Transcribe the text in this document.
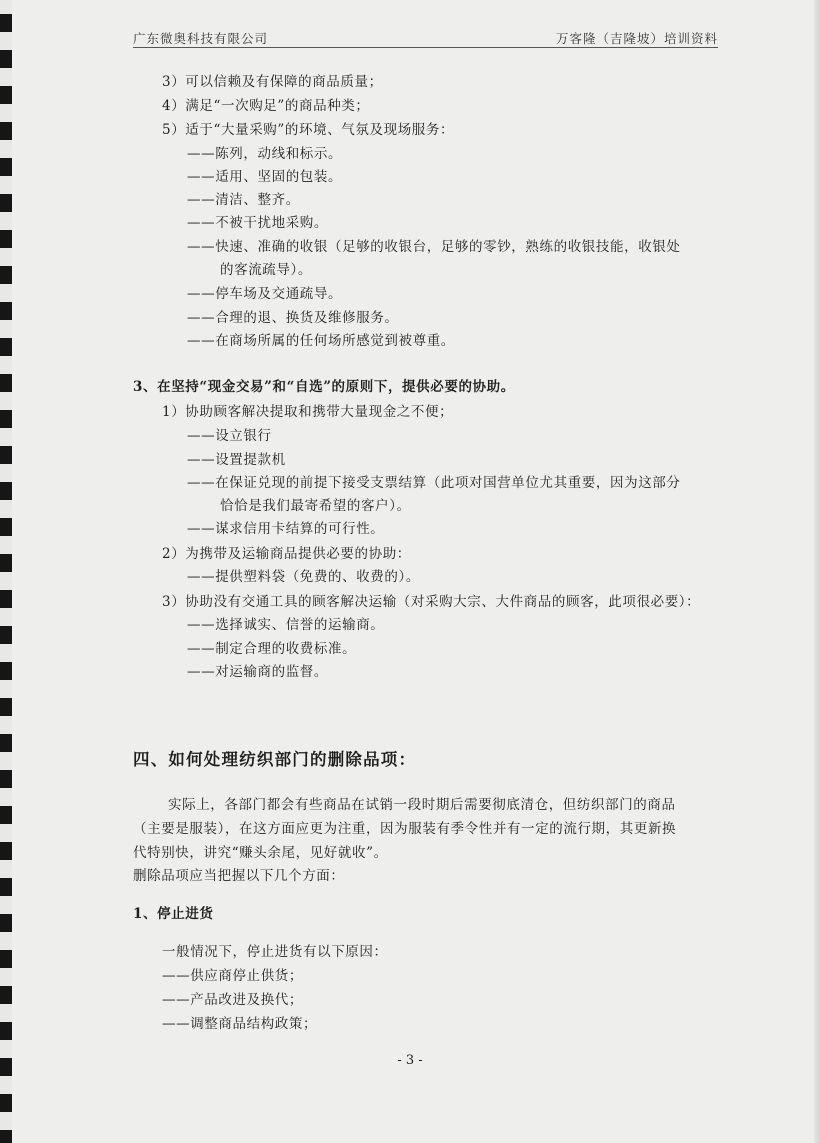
广东微奥科技有限公司	万客隆（吉隆坡）培训资料
3）可以信赖及有保障的商品质量；
4）满足“一次购足”的商品种类；
5）适于“大量采购”的环境、气氛及现场服务：
——陈列，动线和标示。
——适用、坚固的包装。
——清洁、整齐。
——不被干扰地采购。
——快速、准确的收银（足够的收银台，足够的零钞，熟练的收银技能，收银处
的客流疏导）。
——停车场及交通疏导。
——合理的退、换货及维修服务。
——在商场所属的任何场所感觉到被尊重。
3、在坚持“现金交易”和“自选”的原则下，提供必要的协助。
1）协助顾客解决提取和携带大量现金之不便；
——设立银行
——设置提款机
——在保证兑现的前提下接受支票结算（此项对国营单位尤其重要，因为这部分
恰恰是我们最寄希望的客户）。
——谋求信用卡结算的可行性。
2）为携带及运输商品提供必要的协助：
——提供塑料袋（免费的、收费的）。
3）协助没有交通工具的顾客解决运输（对采购大宗、大件商品的顾客，此项很必要）：
——选择诚实、信誉的运输商。
——制定合理的收费标准。
——对运输商的监督。
四、如何处理纺织部门的删除品项：
实际上，各部门都会有些商品在试销一段时期后需要彻底清仓，但纺织部门的商品
（主要是服装），在这方面应更为注重，因为服装有季令性并有一定的流行期，其更新换
代特别快，讲究“赚头余尾，见好就收”。
删除品项应当把握以下几个方面：
1、停止进货
一般情况下，停止进货有以下原因：
——供应商停止供货；
——产品改进及换代；
——调整商品结构政策；
- 3 -
